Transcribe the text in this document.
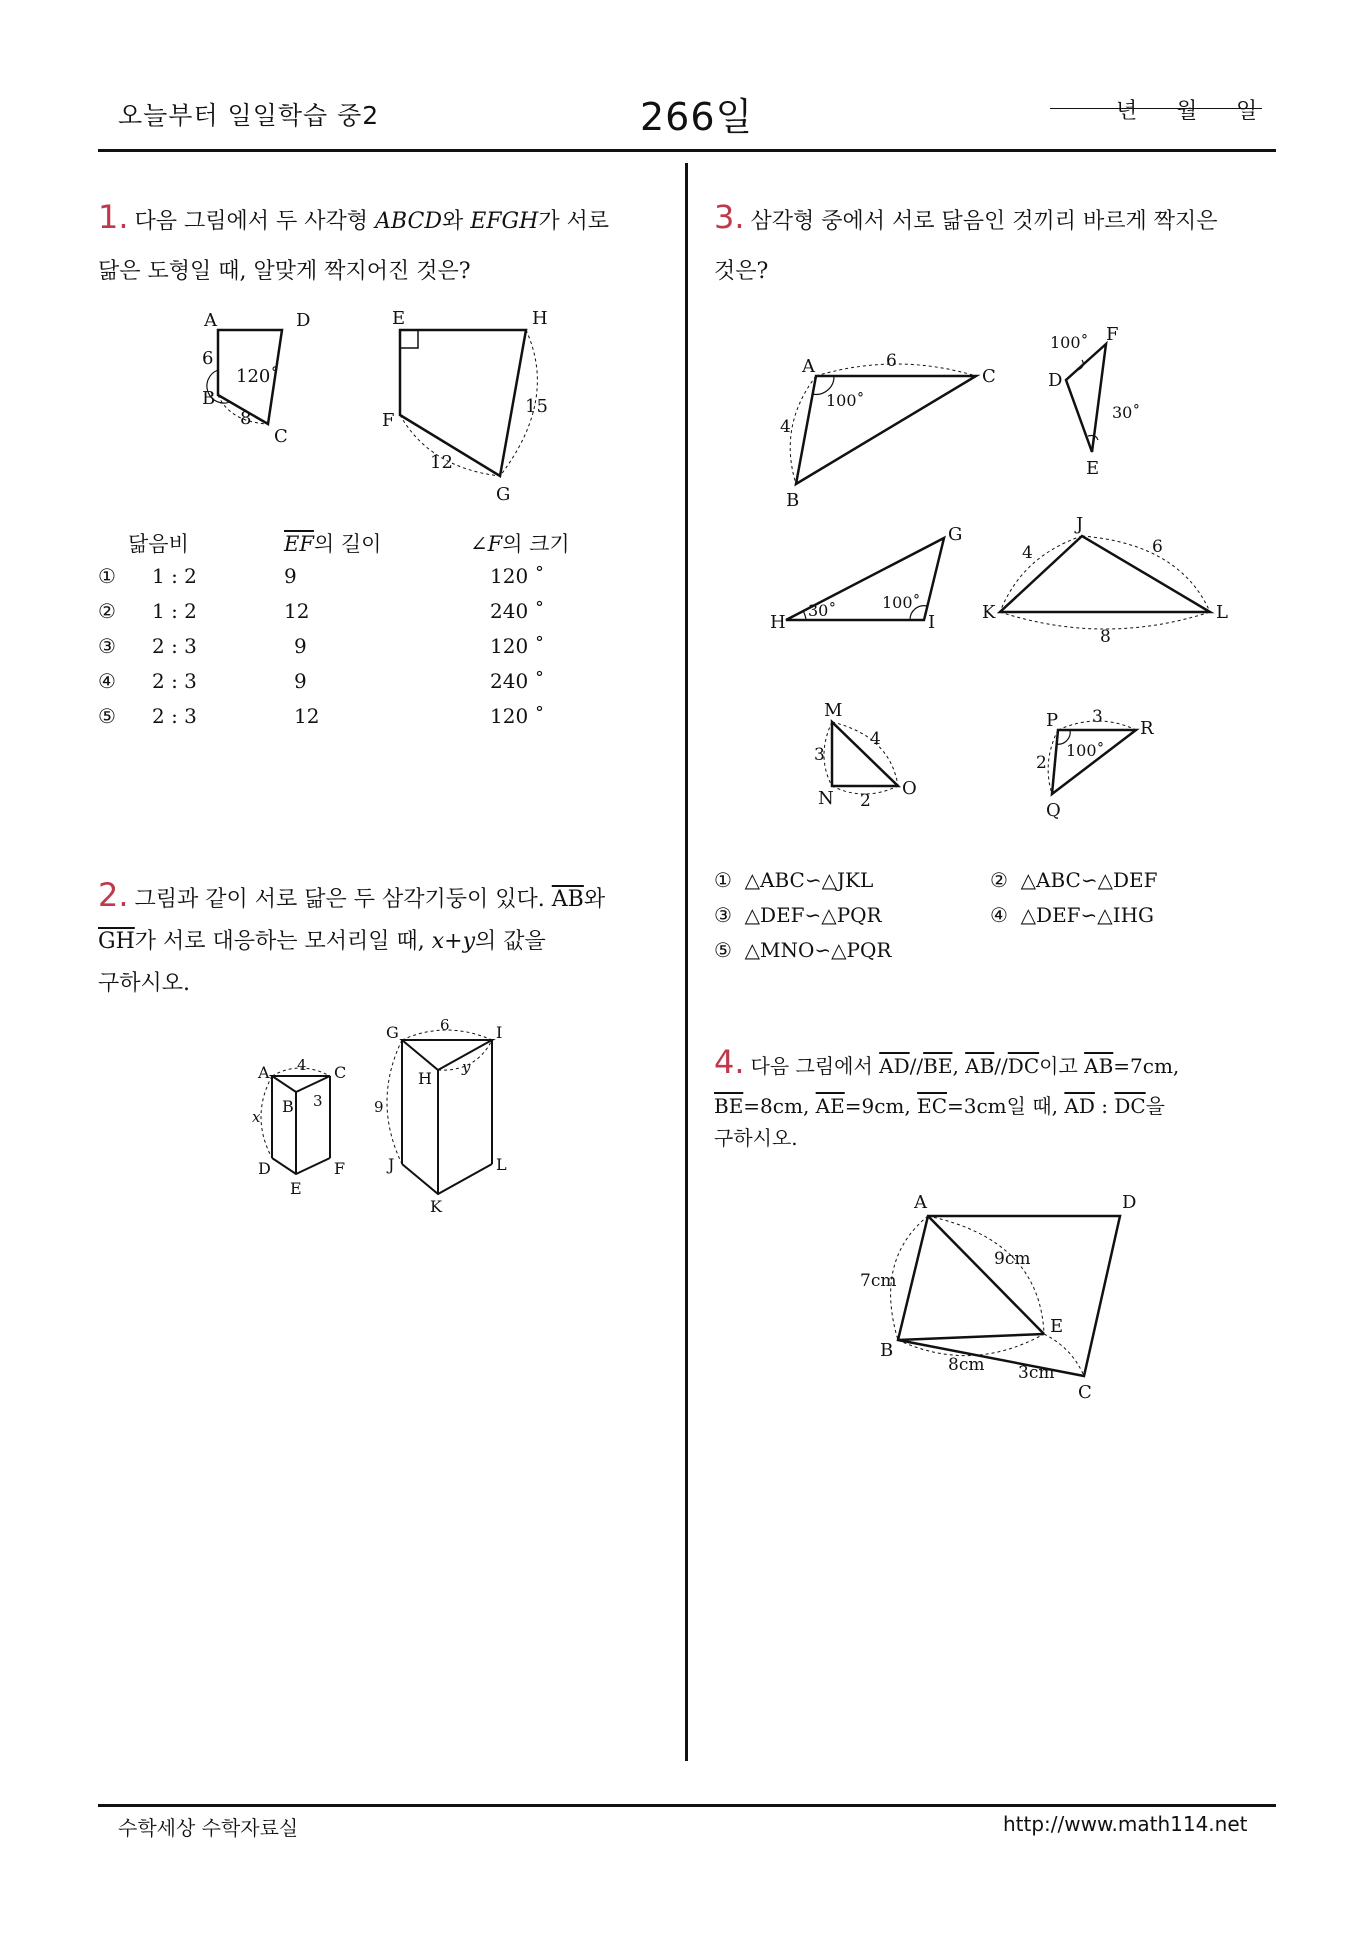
오늘부터 일일학습 중2	266일	년 월 일
1. 다음 그림에서 두 사각형 ABCD와 EFGH가 서로
닮은 도형일 때, 알맞게 짝지어진 것은?
A	D
B
C
6
8
120˚
E	H
F
G
15
12
닮음비	$\overline{EF}$의 길이	∠F의 크기
① 1 : 2	9	120 ˚
② 1 : 2	12	240 ˚
③ 2 : 3	9	120 ˚
④ 2 : 3	9	240 ˚
⑤ 2 : 3	12	120 ˚
2. 그림과 같이 서로 닮은 두 삼각기둥이 있다. $\overline{AB}$와
$\overline{GH}$가 서로 대응하는 모서리일 때, x+y의 값을
구하시오.
A
B
C
D
E
F
4
3
x
G
H
I
J
K
L
6
9
y
3. 삼각형 중에서 서로 닮음인 것끼리 바르게 짝지은
것은?
A	C
B
6
4
100˚
F
D
E
100˚
30˚
G
H	I
30˚	100˚
J
K	L
4	6
8
M
N	O
3
4
2
P	R
Q
3
2
100˚
① △ABC∽△JKL	② △ABC∽△DEF
③ △DEF∽△PQR	④ △DEF∽△IHG
⑤ △MNO∽△PQR
4. 다음 그림에서 $\overline{AD}//\overline{BE}$, $\overline{AB}//\overline{DC}$이고 $\overline{AB}=7cm$,
$\overline{BE}=8cm$, $\overline{AE}=9cm$, $\overline{EC}=3cm$일 때, $\overline{AD}$ : $\overline{DC}$을
구하시오.
A	D
B
C
E
7cm
9cm
8cm 3cm
수학세상 수학자료실	http://www.math114.net
